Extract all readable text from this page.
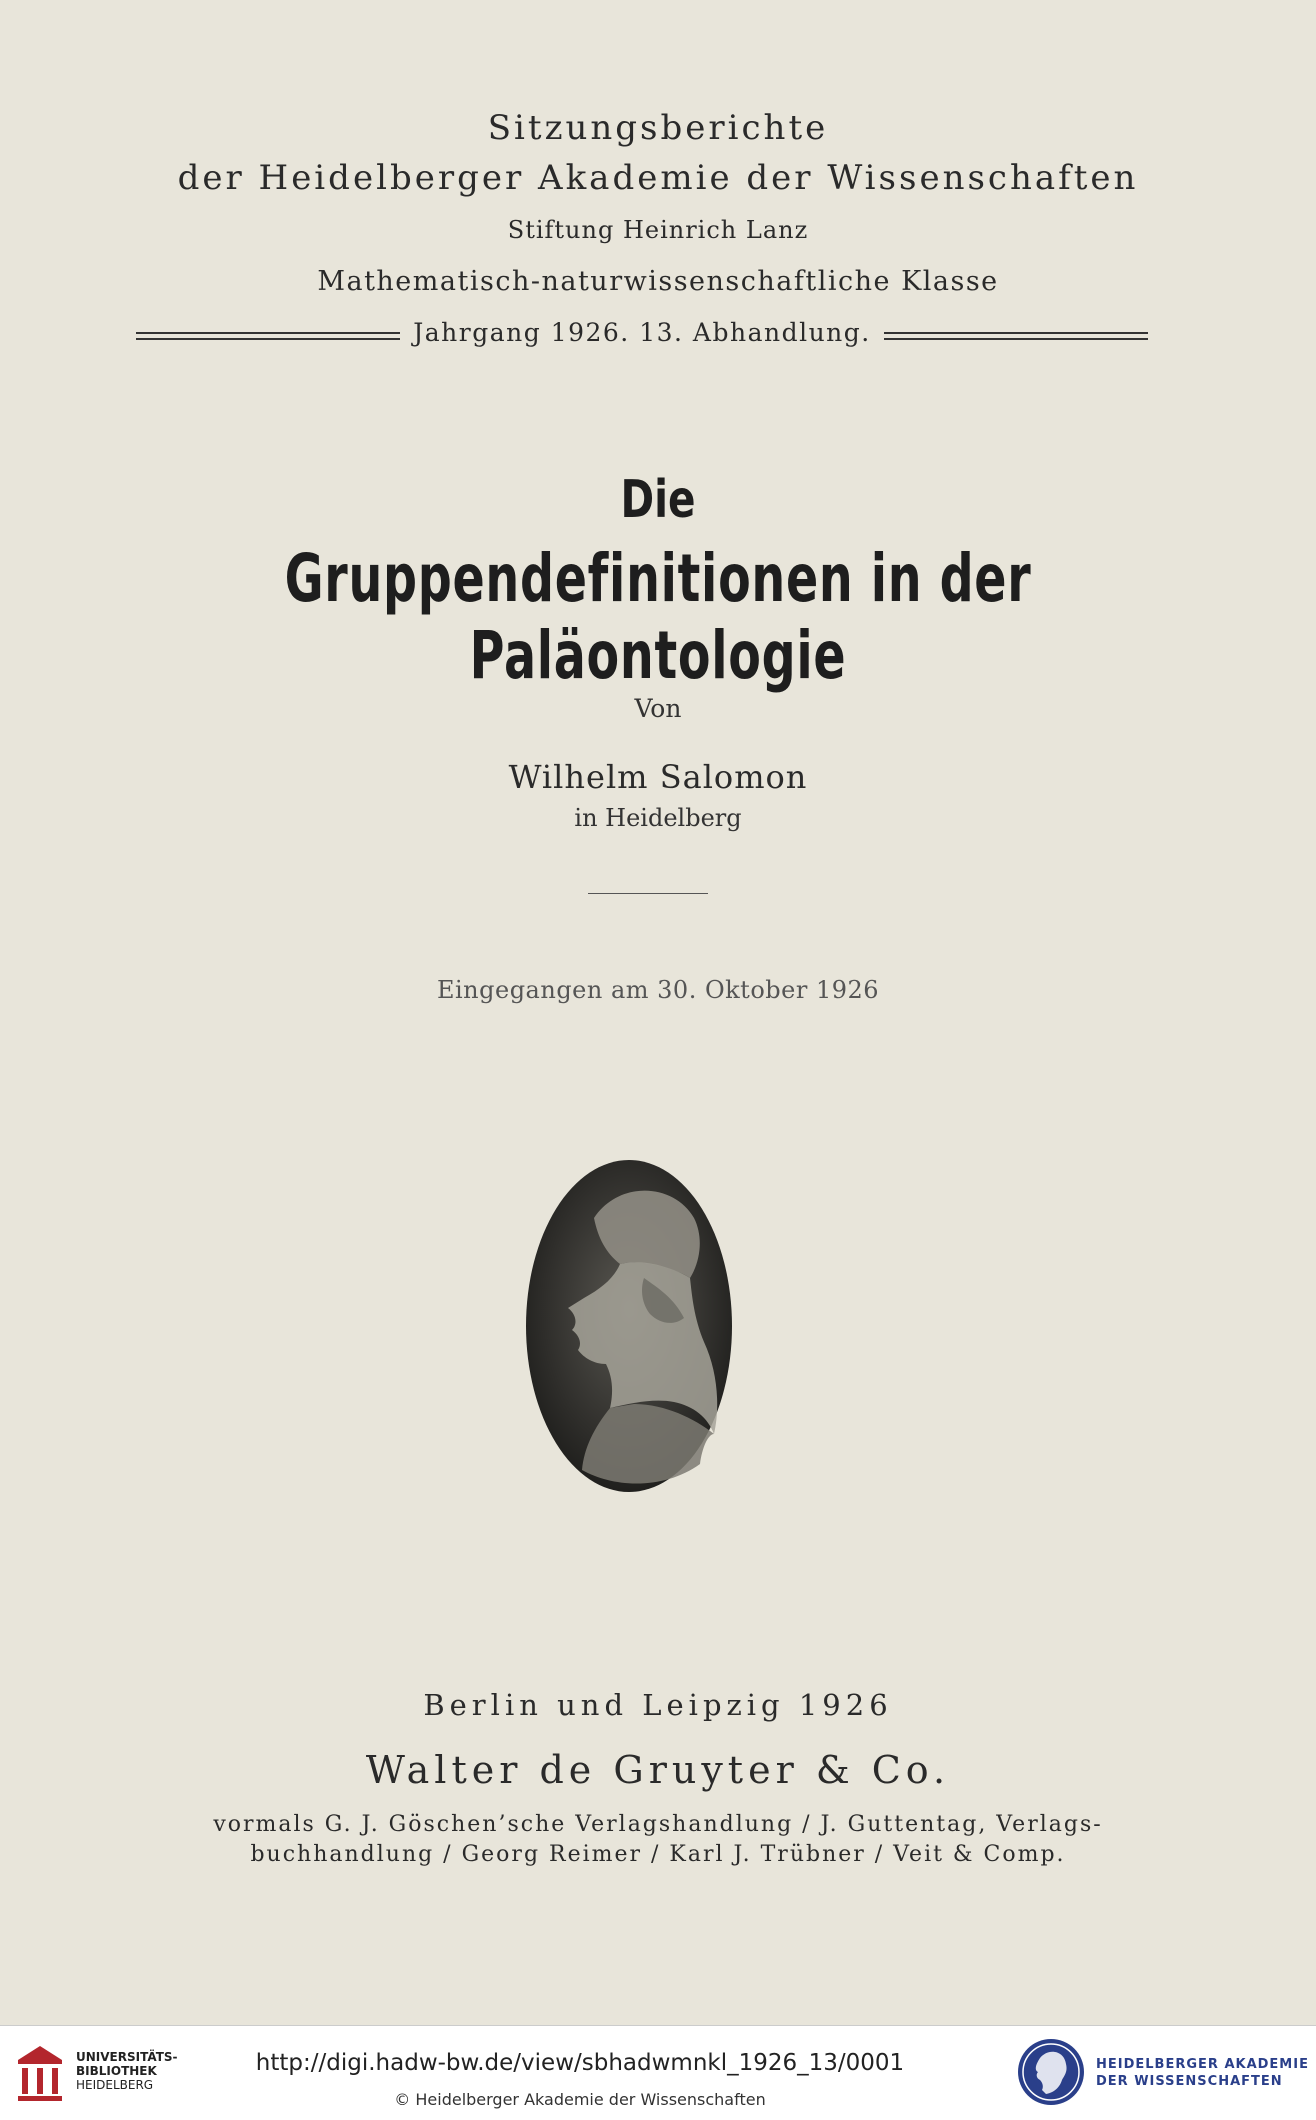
Sitzungsberichte
der Heidelberger Akademie der Wissenschaften
Stiftung Heinrich Lanz
Mathematisch-naturwissenschaftliche Klasse
Jahrgang 1926. 13. Abhandlung.
Die
Gruppendefinitionen in der Paläontologie
Von
Wilhelm Salomon
in Heidelberg
Eingegangen am 30. Oktober 1926
Berlin und Leipzig 1926
Walter de Gruyter & Co.
vormals G. J. Göschen’sche Verlagshandlung / J. Guttentag, Verlags-
buchhandlung / Georg Reimer / Karl J. Trübner / Veit & Comp.
UNIVERSITÄTS-
BIBLIOTHEK
HEIDELBERG
http://digi.hadw-bw.de/view/sbhadwmnkl_1926_13/0001
© Heidelberger Akademie der Wissenschaften
HEIDELBERGER AKADEMIE
DER WISSENSCHAFTEN
